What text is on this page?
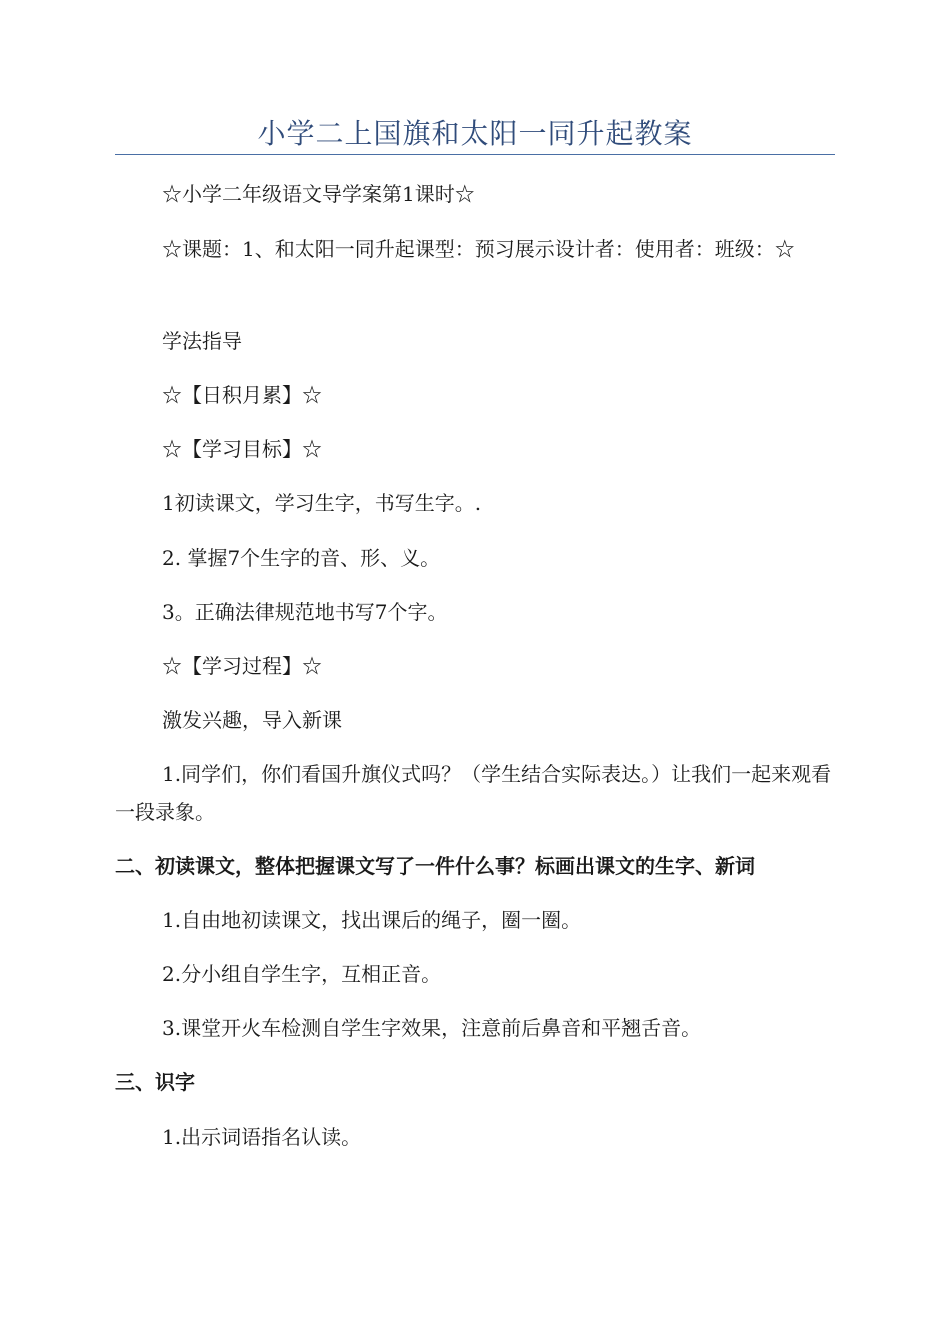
小学二上国旗和太阳一同升起教案

☆小学二年级语文导学案第1课时☆

☆课题：1、和太阳一同升起课型：预习展示设计者：使用者：班级：☆

学法指导

☆【日积月累】☆

☆【学习目标】☆

1初读课文，学习生字，书写生字。.

2. 掌握7个生字的音、形、义。

3。正确法律规范地书写7个字。

☆【学习过程】☆

激发兴趣，导入新课

1.同学们，你们看国升旗仪式吗？（学生结合实际表达。）让我们一起来观看一段录象。

二、初读课文，整体把握课文写了一件什么事？标画出课文的生字、新词

1.自由地初读课文，找出课后的绳子，圈一圈。

2.分小组自学生字，互相正音。

3.课堂开火车检测自学生字效果，注意前后鼻音和平翘舌音。

三、识字

1.出示词语指名认读。
